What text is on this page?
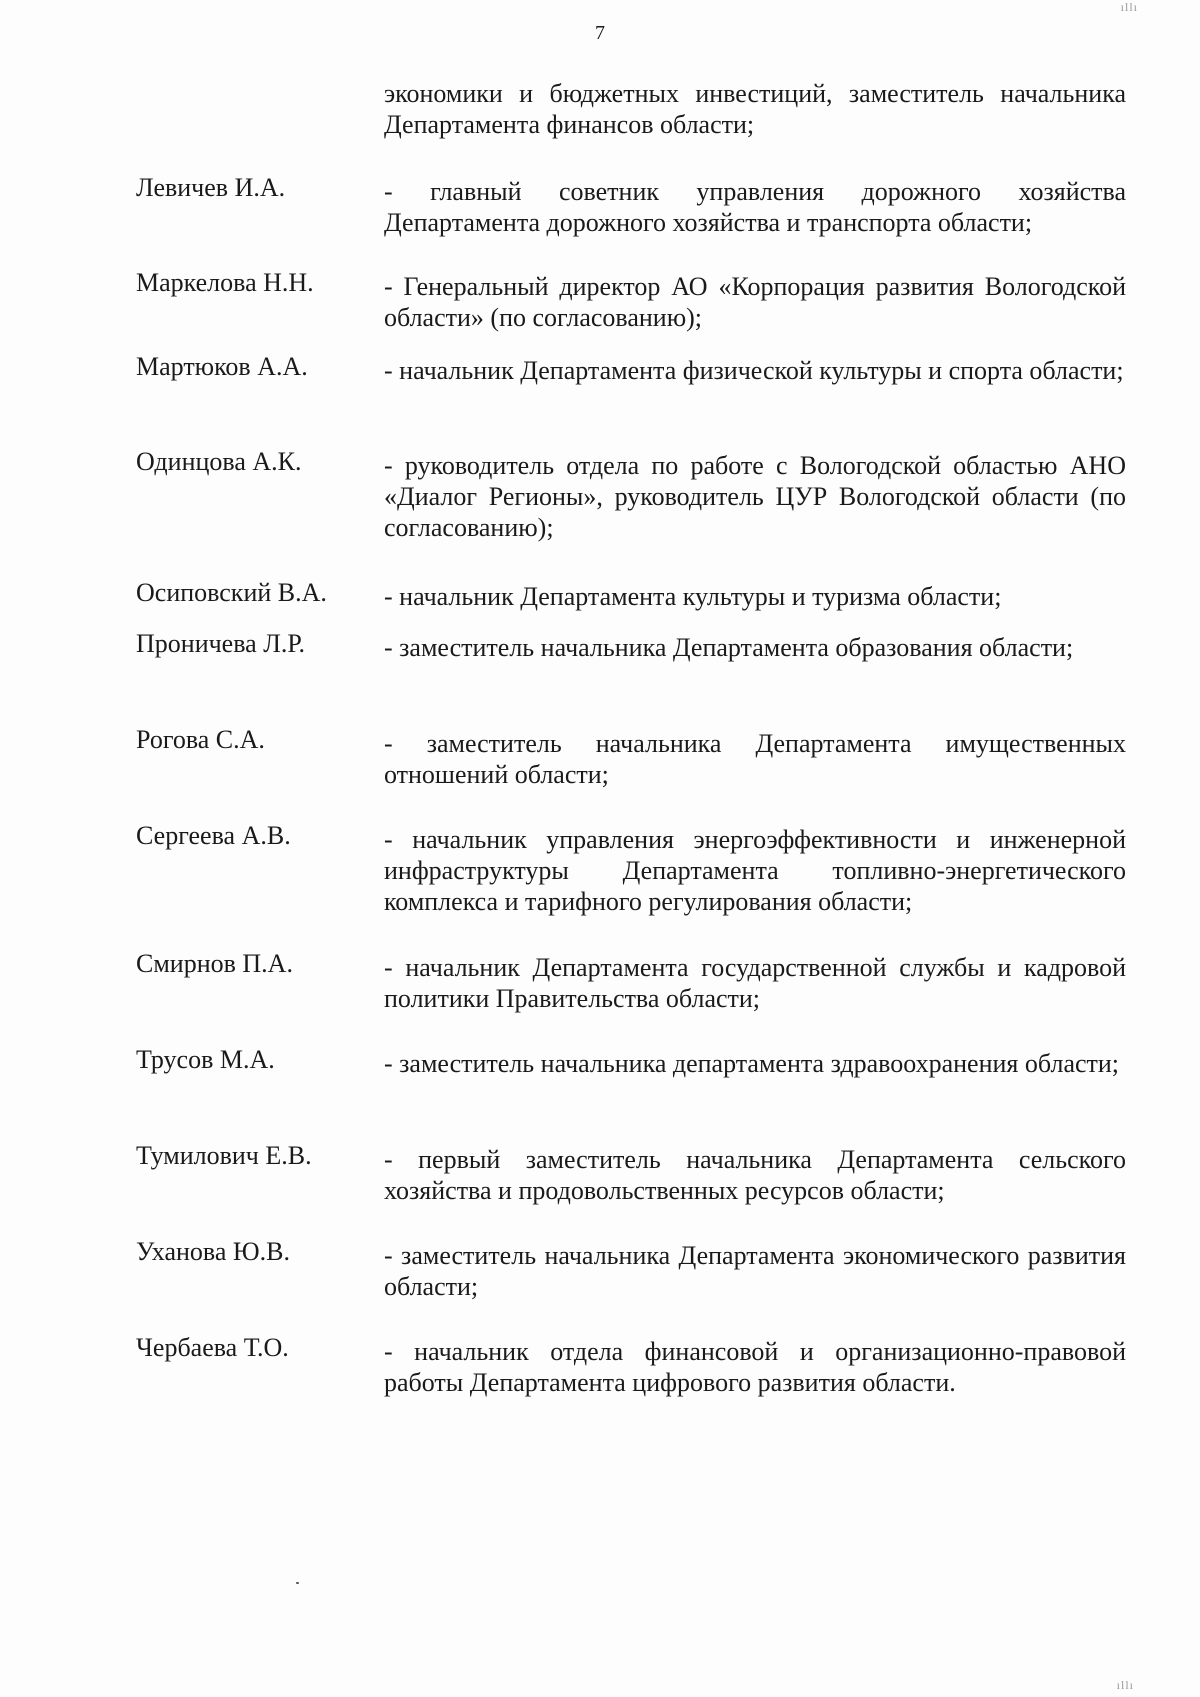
ıllı
7
экономики и бюджетных инвестиций, заместитель начальника Департамента финансов области;
Левичев И.А.	- главный советник управления дорожного хозяйства Департамента дорожного хозяйства и транспорта области;
Маркелова Н.Н.	- Генеральный директор АО «Корпорация развития Вологодской области» (по согласованию);
Мартюков А.А.	- начальник Департамента физической культуры и спорта области;
Одинцова А.К.	- руководитель отдела по работе с Вологодской областью АНО «Диалог Регионы», руководитель ЦУР Вологодской области (по согласованию);
Осиповский В.А.	- начальник Департамента культуры и туризма области;
Проничева Л.Р.	- заместитель начальника Департамента образования области;
Рогова С.А.	- заместитель начальника Департамента имущественных отношений области;
Сергеева А.В.	- начальник управления энергоэффективности и инженерной инфраструктуры Департамента топливно-энергетического комплекса и тарифного регулирования области;
Смирнов П.А.	- начальник Департамента государственной службы и кадровой политики Правительства области;
Трусов М.А.	- заместитель начальника департамента здравоохранения области;
Тумилович Е.В.	- первый заместитель начальника Департамента сельского хозяйства и продовольственных ресурсов области;
Уханова Ю.В.	- заместитель начальника Департамента экономического развития области;
Чербаева Т.О.	- начальник отдела финансовой и организационно-правовой работы Департамента цифрового развития области.
ıllı
